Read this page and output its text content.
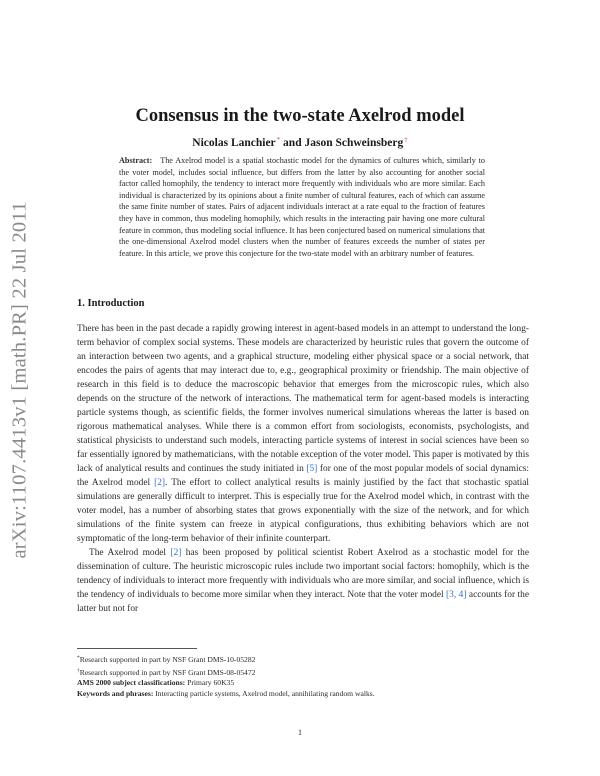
arXiv:1107.4413v1 [math.PR] 22 Jul 2011
Consensus in the two-state Axelrod model
Nicolas Lanchier* and Jason Schweinsberg†
Abstract: The Axelrod model is a spatial stochastic model for the dynamics of cultures which, similarly to the voter model, includes social influence, but differs from the latter by also accounting for another social factor called homophily, the tendency to interact more frequently with individuals who are more similar. Each individual is characterized by its opinions about a finite number of cultural features, each of which can assume the same finite number of states. Pairs of adjacent individuals interact at a rate equal to the fraction of features they have in common, thus modeling homophily, which results in the interacting pair having one more cultural feature in common, thus modeling social influence. It has been conjectured based on numerical simulations that the one-dimensional Axelrod model clusters when the number of features exceeds the number of states per feature. In this article, we prove this conjecture for the two-state model with an arbitrary number of features.
1. Introduction

There has been in the past decade a rapidly growing interest in agent-based models in an attempt to understand the long-term behavior of complex social systems. These models are characterized by heuristic rules that govern the outcome of an interaction between two agents, and a graphical structure, modeling either physical space or a social network, that encodes the pairs of agents that may interact due to, e.g., geographical proximity or friendship. The main objective of research in this field is to deduce the macroscopic behavior that emerges from the microscopic rules, which also depends on the structure of the network of interactions. The mathematical term for agent-based models is interacting particle systems though, as scientific fields, the former involves numerical simulations whereas the latter is based on rigorous mathematical analyses. While there is a common effort from sociologists, economists, psychologists, and statistical physicists to understand such models, interacting particle systems of interest in social sciences have been so far essentially ignored by mathematicians, with the notable exception of the voter model. This paper is motivated by this lack of analytical results and continues the study initiated in [5] for one of the most popular models of social dynamics: the Axelrod model [2]. The effort to collect analytical results is mainly justified by the fact that stochastic spatial simulations are generally difficult to interpret. This is especially true for the Axelrod model which, in contrast with the voter model, has a number of absorbing states that grows exponentially with the size of the network, and for which simulations of the finite system can freeze in atypical configurations, thus exhibiting behaviors which are not symptomatic of the long-term behavior of their infinite counterpart.

The Axelrod model [2] has been proposed by political scientist Robert Axelrod as a stochastic model for the dissemination of culture. The heuristic microscopic rules include two important social factors: homophily, which is the tendency of individuals to interact more frequently with individuals who are more similar, and social influence, which is the tendency of individuals to become more similar when they interact. Note that the voter model [3, 4] accounts for the latter but not for

*Research supported in part by NSF Grant DMS-10-05282
†Research supported in part by NSF Grant DMS-08-05472
AMS 2000 subject classifications: Primary 60K35
Keywords and phrases: Interacting particle systems, Axelrod model, annihilating random walks.
1
